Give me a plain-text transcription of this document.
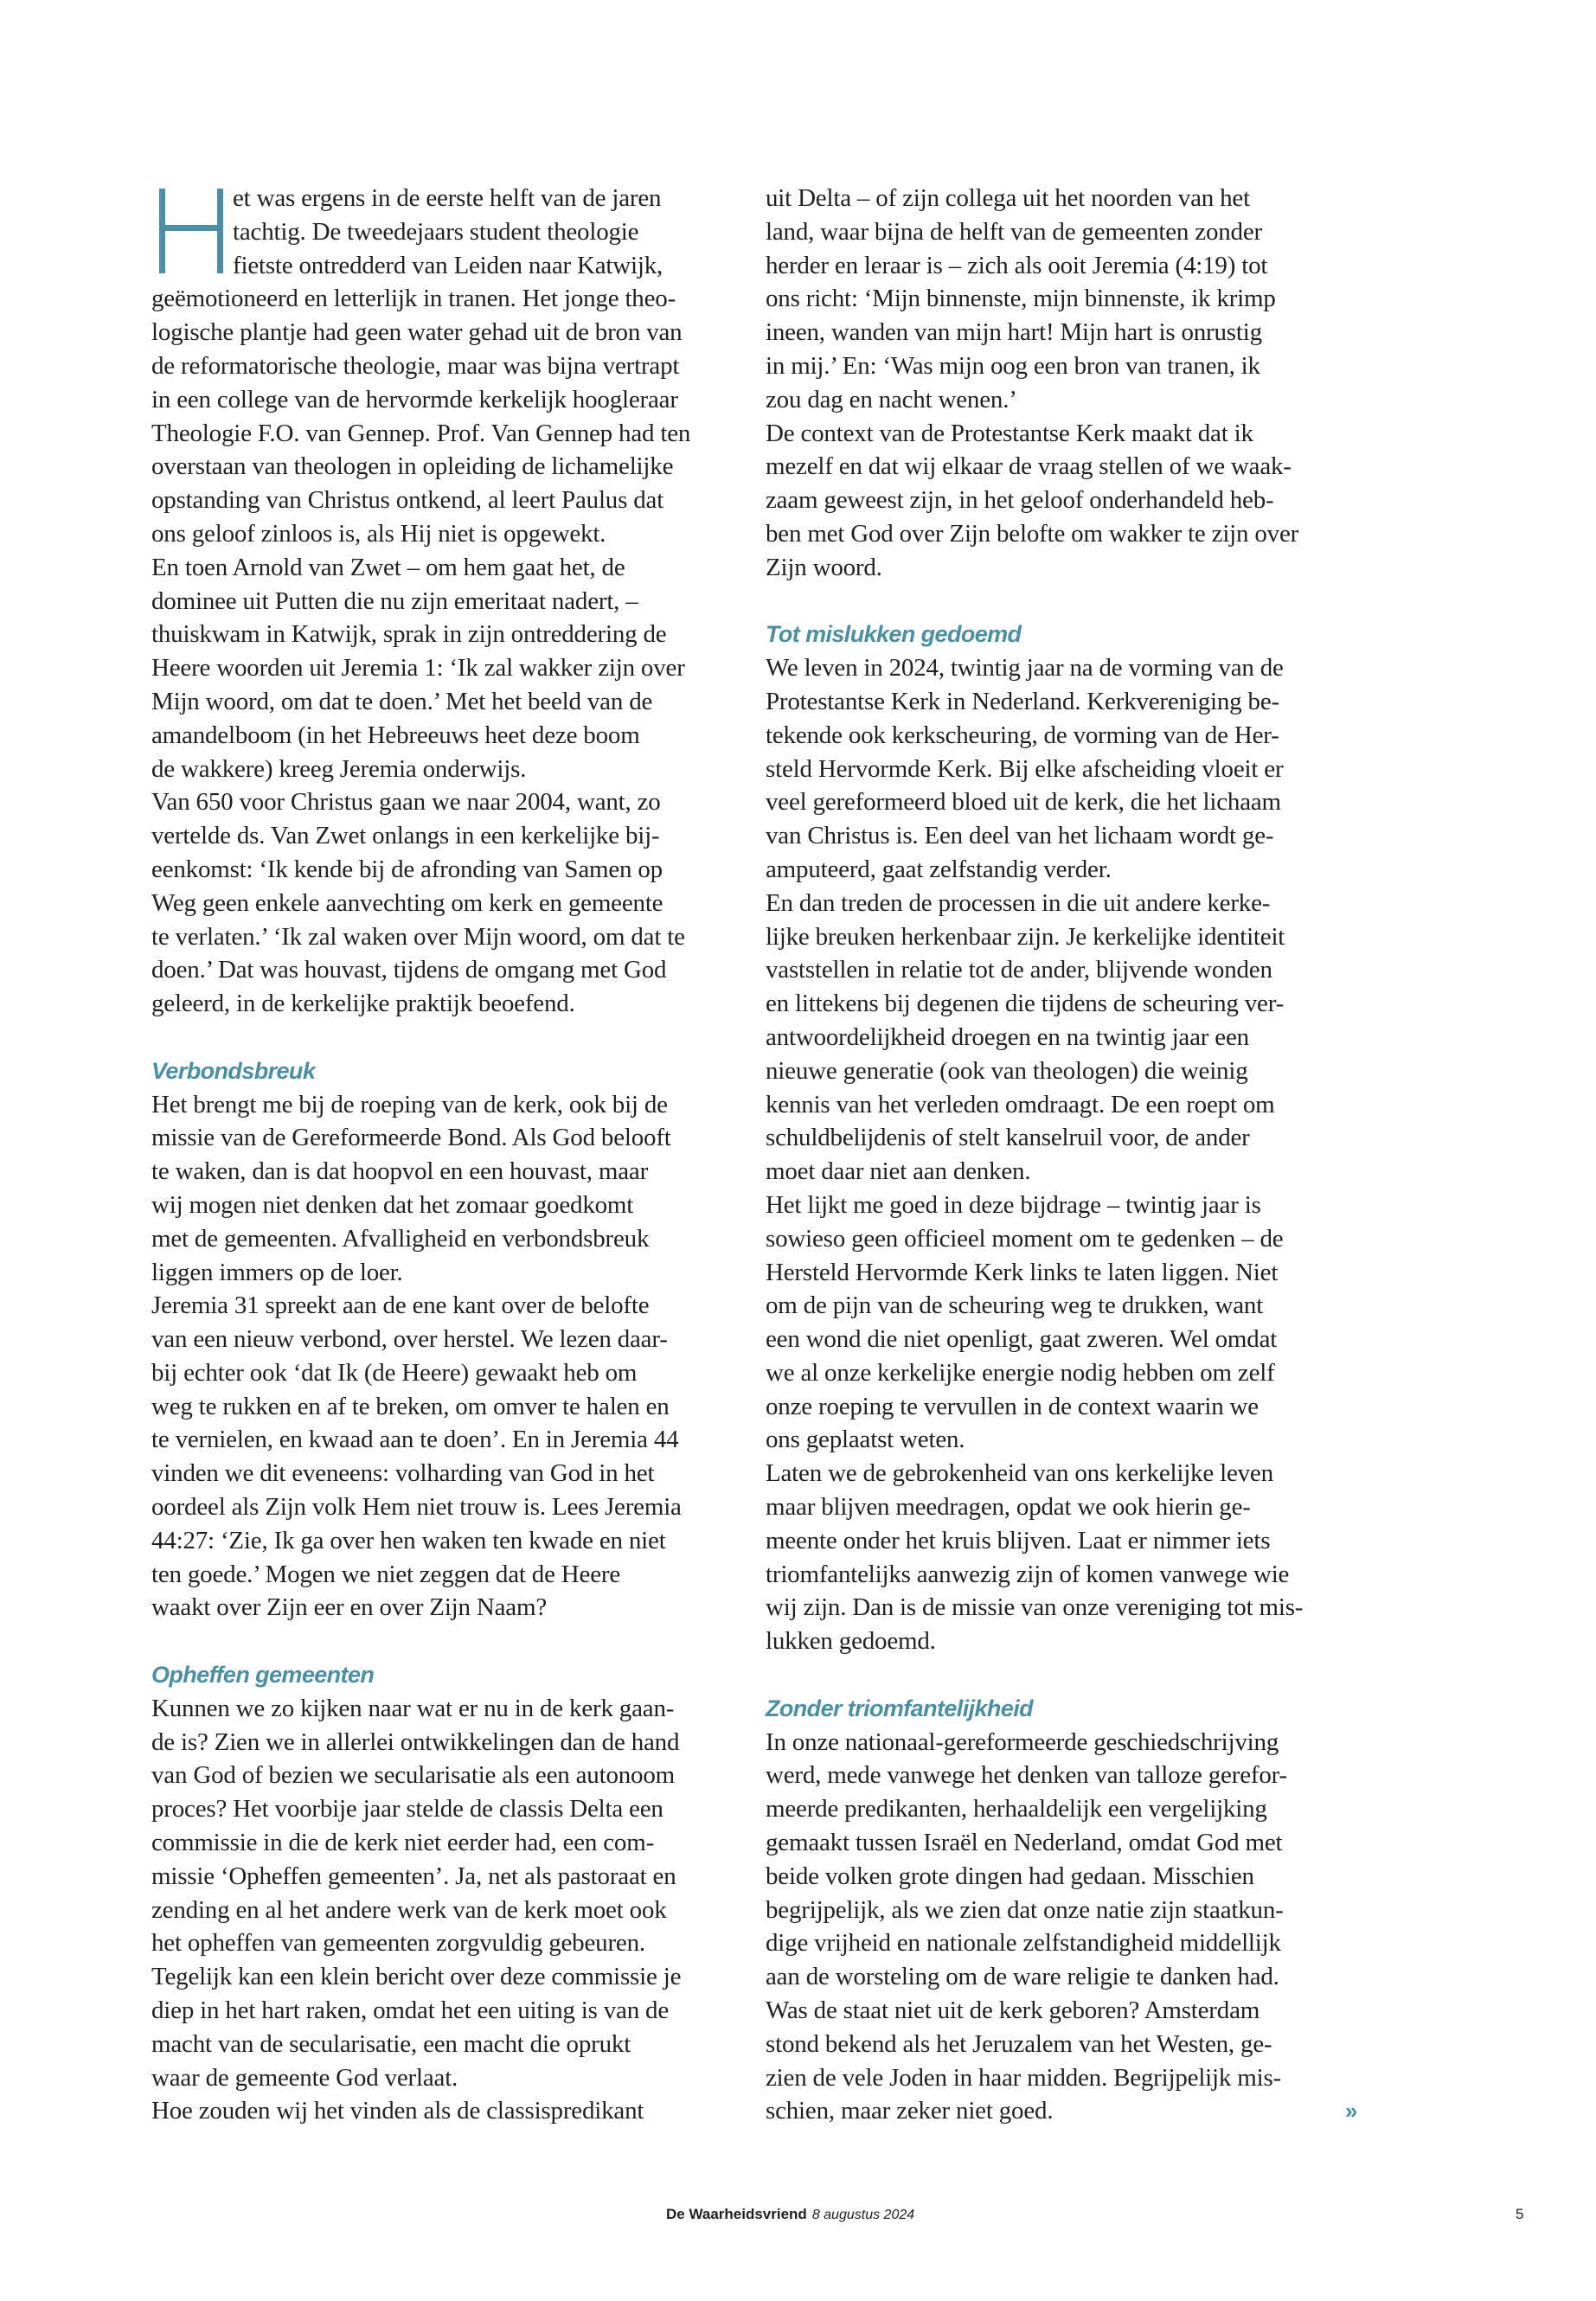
et was ergens in de eerste helft van de jaren
tachtig. De tweedejaars student theologie
fietste ontredderd van Leiden naar Katwijk,
geëmotioneerd en letterlijk in tranen. Het jonge theo-
logische plantje had geen water gehad uit de bron van
de reformatorische theologie, maar was bijna vertrapt
in een college van de hervormde kerkelijk hoogleraar
Theologie F.O. van Gennep. Prof. Van Gennep had ten
overstaan van theologen in opleiding de lichamelijke
opstanding van Christus ontkend, al leert Paulus dat
ons geloof zinloos is, als Hij niet is opgewekt.
En toen Arnold van Zwet – om hem gaat het, de
dominee uit Putten die nu zijn emeritaat nadert, –
thuiskwam in Katwijk, sprak in zijn ontreddering de
Heere woorden uit Jeremia 1: ‘Ik zal wakker zijn over
Mijn woord, om dat te doen.’ Met het beeld van de
amandelboom (in het Hebreeuws heet deze boom
de wakkere) kreeg Jeremia onderwijs.
Van 650 voor Christus gaan we naar 2004, want, zo
vertelde ds. Van Zwet onlangs in een kerkelijke bij-
eenkomst: ‘Ik kende bij de afronding van Samen op
Weg geen enkele aanvechting om kerk en gemeente
te verlaten.’ ‘Ik zal waken over Mijn woord, om dat te
doen.’ Dat was houvast, tijdens de omgang met God
geleerd, in de kerkelijke praktijk beoefend.
Verbondsbreuk
Het brengt me bij de roeping van de kerk, ook bij de
missie van de Gereformeerde Bond. Als God belooft
te waken, dan is dat hoopvol en een houvast, maar
wij mogen niet denken dat het zomaar goedkomt
met de gemeenten. Afvalligheid en verbondsbreuk
liggen immers op de loer.
Jeremia 31 spreekt aan de ene kant over de belofte
van een nieuw verbond, over herstel. We lezen daar-
bij echter ook ‘dat Ik (de Heere) gewaakt heb om
weg te rukken en af te breken, om omver te halen en
te vernielen, en kwaad aan te doen’. En in Jeremia 44
vinden we dit eveneens: volharding van God in het
oordeel als Zijn volk Hem niet trouw is. Lees Jeremia
44:27: ‘Zie, Ik ga over hen waken ten kwade en niet
ten goede.’ Mogen we niet zeggen dat de Heere
waakt over Zijn eer en over Zijn Naam?
Opheffen gemeenten
Kunnen we zo kijken naar wat er nu in de kerk gaan-
de is? Zien we in allerlei ontwikkelingen dan de hand
van God of bezien we secularisatie als een autonoom
proces? Het voorbije jaar stelde de classis Delta een
commissie in die de kerk niet eerder had, een com-
missie ‘Opheffen gemeenten’. Ja, net als pastoraat en
zending en al het andere werk van de kerk moet ook
het opheffen van gemeenten zorgvuldig gebeuren.
Tegelijk kan een klein bericht over deze commissie je
diep in het hart raken, omdat het een uiting is van de
macht van de secularisatie, een macht die oprukt
waar de gemeente God verlaat.
Hoe zouden wij het vinden als de classispredikant
uit Delta – of zijn collega uit het noorden van het
land, waar bijna de helft van de gemeenten zonder
herder en leraar is – zich als ooit Jeremia (4:19) tot
ons richt: ‘Mijn binnenste, mijn binnenste, ik krimp
ineen, wanden van mijn hart! Mijn hart is onrustig
in mij.’ En: ‘Was mijn oog een bron van tranen, ik
zou dag en nacht wenen.’
De context van de Protestantse Kerk maakt dat ik
mezelf en dat wij elkaar de vraag stellen of we waak-
zaam geweest zijn, in het geloof onderhandeld heb-
ben met God over Zijn belofte om wakker te zijn over
Zijn woord.
Tot mislukken gedoemd
We leven in 2024, twintig jaar na de vorming van de
Protestantse Kerk in Nederland. Kerkvereniging be-
tekende ook kerkscheuring, de vorming van de Her-
steld Hervormde Kerk. Bij elke afscheiding vloeit er
veel gereformeerd bloed uit de kerk, die het lichaam
van Christus is. Een deel van het lichaam wordt ge-
amputeerd, gaat zelfstandig verder.
En dan treden de processen in die uit andere kerke-
lijke breuken herkenbaar zijn. Je kerkelijke identiteit
vaststellen in relatie tot de ander, blijvende wonden
en littekens bij degenen die tijdens de scheuring ver-
antwoordelijkheid droegen en na twintig jaar een
nieuwe generatie (ook van theologen) die weinig
kennis van het verleden omdraagt. De een roept om
schuldbelijdenis of stelt kanselruil voor, de ander
moet daar niet aan denken.
Het lijkt me goed in deze bijdrage – twintig jaar is
sowieso geen officieel moment om te gedenken – de
Hersteld Hervormde Kerk links te laten liggen. Niet
om de pijn van de scheuring weg te drukken, want
een wond die niet openligt, gaat zweren. Wel omdat
we al onze kerkelijke energie nodig hebben om zelf
onze roeping te vervullen in de context waarin we
ons geplaatst weten.
Laten we de gebrokenheid van ons kerkelijke leven
maar blijven meedragen, opdat we ook hierin ge-
meente onder het kruis blijven. Laat er nimmer iets
triomfantelijks aanwezig zijn of komen vanwege wie
wij zijn. Dan is de missie van onze vereniging tot mis-
lukken gedoemd.
Zonder triomfantelijkheid
In onze nationaal-gereformeerde geschiedschrijving
werd, mede vanwege het denken van talloze gerefor-
meerde predikanten, herhaaldelijk een vergelijking
gemaakt tussen Israël en Nederland, omdat God met
beide volken grote dingen had gedaan. Misschien
begrijpelijk, als we zien dat onze natie zijn staatkun-
dige vrijheid en nationale zelfstandigheid middellijk
aan de worsteling om de ware religie te danken had.
Was de staat niet uit de kerk geboren? Amsterdam
stond bekend als het Jeruzalem van het Westen, ge-
zien de vele Joden in haar midden. Begrijpelijk mis-
schien, maar zeker niet goed.	»
De Waarheidsvriend 8 augustus 2024	5
